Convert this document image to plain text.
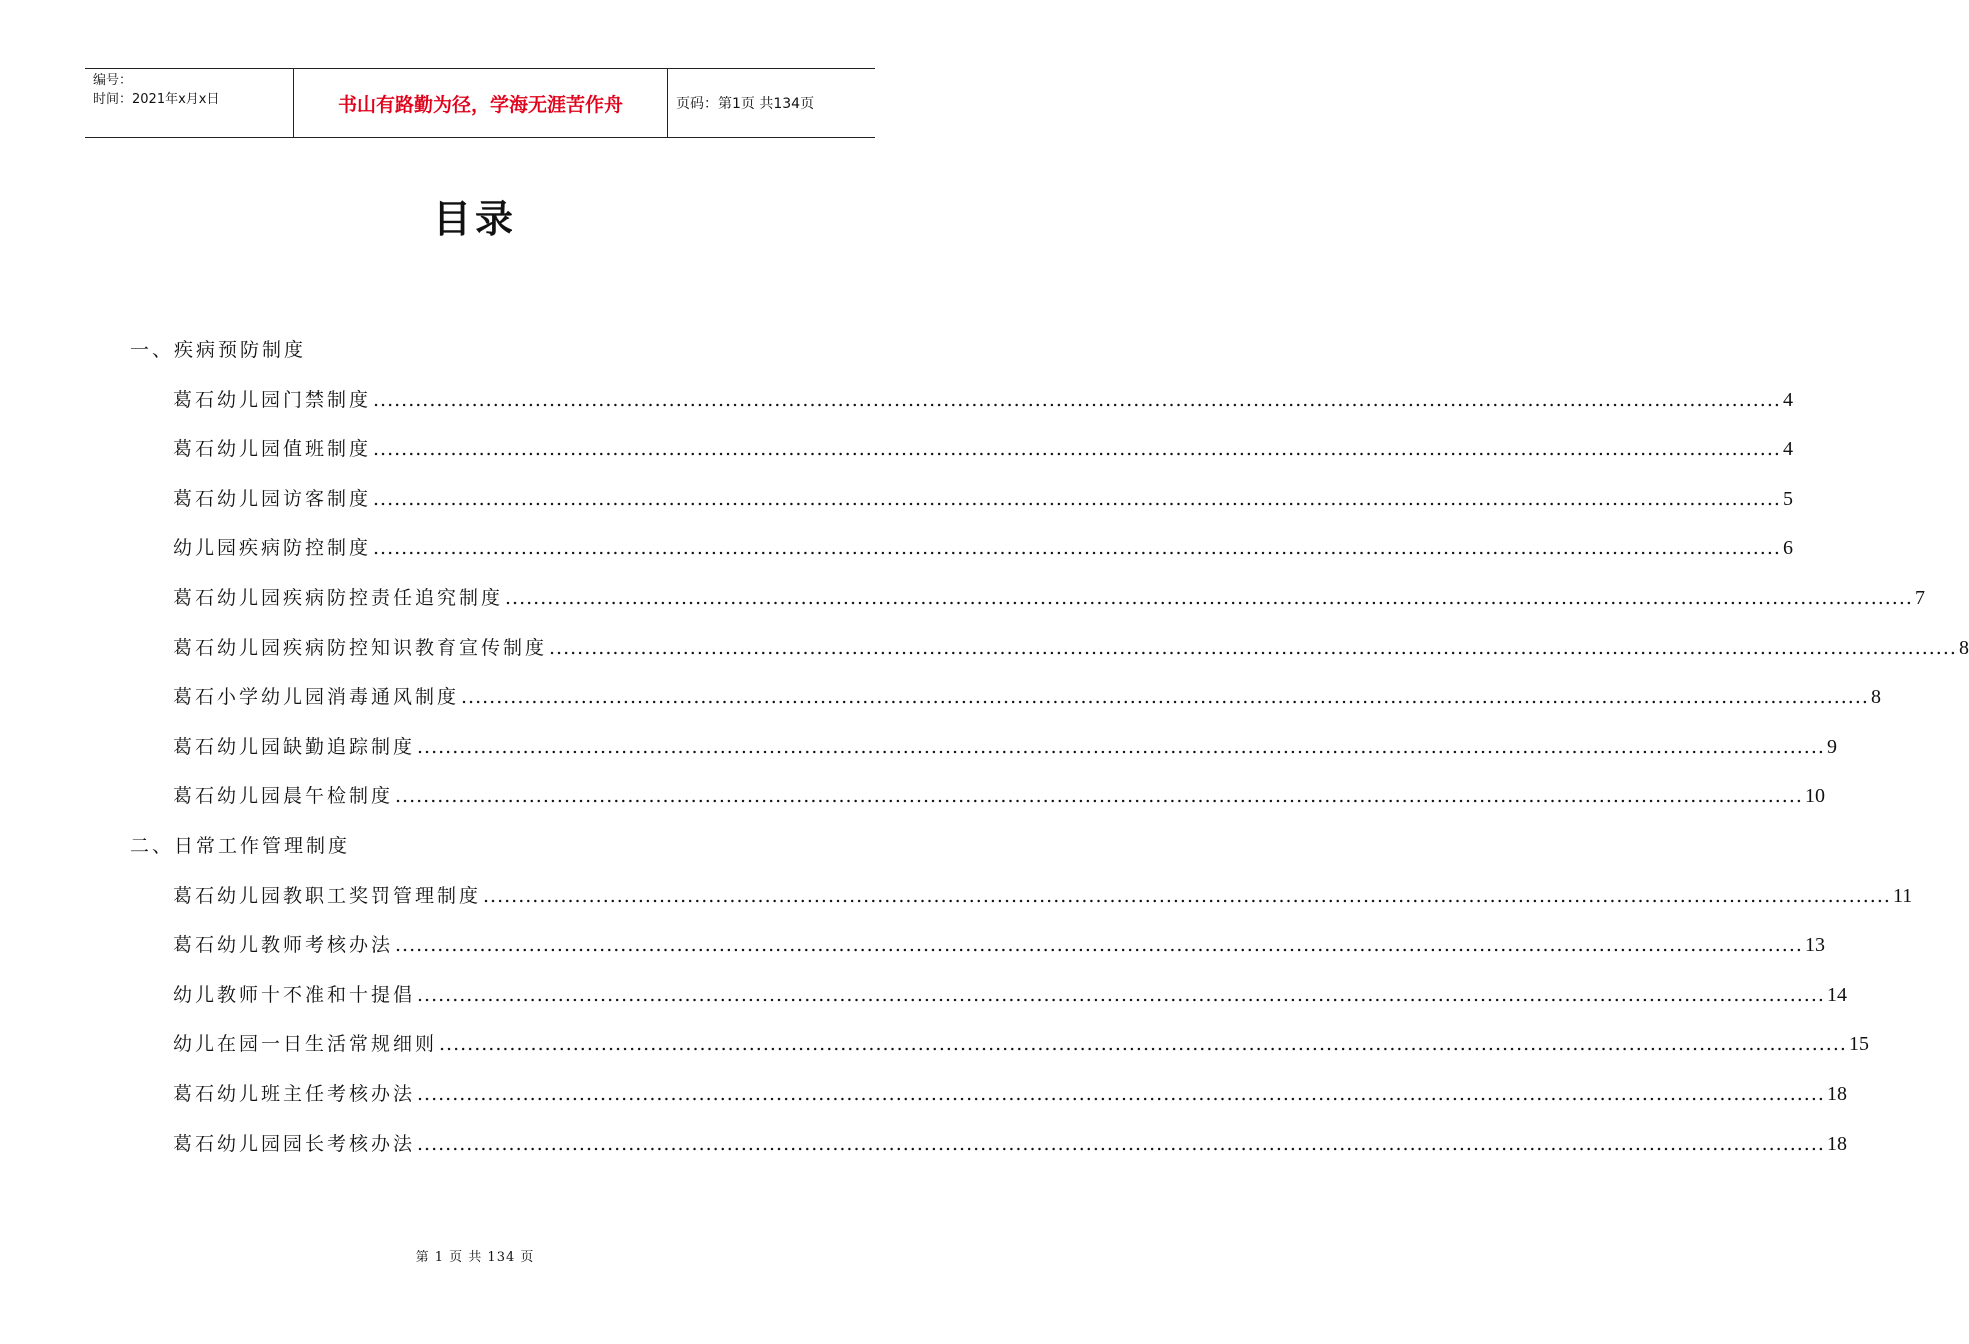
编号：
时间：2021年x月x日	书山有路勤为径，学海无涯苦作舟	页码：第1页 共134页
目录
一、疾病预防制度
葛石幼儿园门禁制度 ........................................................................................................................................................................................................ 4
葛石幼儿园值班制度 ........................................................................................................................................................................................................ 4
葛石幼儿园访客制度 ........................................................................................................................................................................................................ 5
幼儿园疾病防控制度 ........................................................................................................................................................................................................ 6
葛石幼儿园疾病防控责任追究制度 ........................................................................................................................................................................................................ 7
葛石幼儿园疾病防控知识教育宣传制度 ........................................................................................................................................................................................................ 8
葛石小学幼儿园消毒通风制度 ........................................................................................................................................................................................................ 8
葛石幼儿园缺勤追踪制度 ........................................................................................................................................................................................................ 9
葛石幼儿园晨午检制度 ........................................................................................................................................................................................................ 10
二、日常工作管理制度
葛石幼儿园教职工奖罚管理制度 ........................................................................................................................................................................................................ 11
葛石幼儿教师考核办法 ........................................................................................................................................................................................................ 13
幼儿教师十不准和十提倡 ........................................................................................................................................................................................................ 14
幼儿在园一日生活常规细则 ........................................................................................................................................................................................................ 15
葛石幼儿班主任考核办法 ........................................................................................................................................................................................................ 18
葛石幼儿园园长考核办法 ........................................................................................................................................................................................................ 18
第 1 页 共 134 页
